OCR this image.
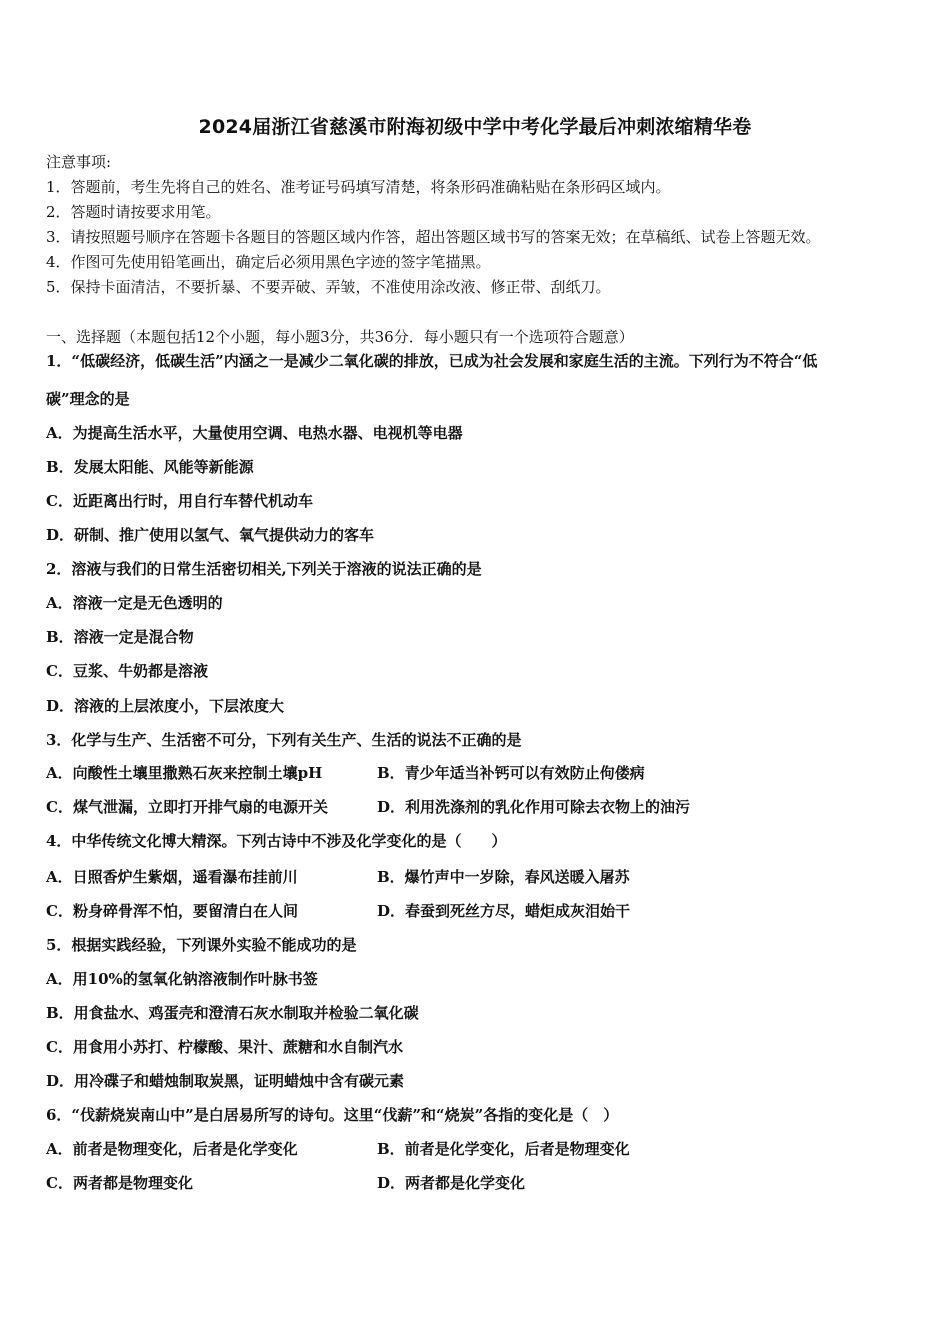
2024届浙江省慈溪市附海初级中学中考化学最后冲刺浓缩精华卷
注意事项:
1．答题前，考生先将自己的姓名、准考证号码填写清楚，将条形码准确粘贴在条形码区域内。
2．答题时请按要求用笔。
3．请按照题号顺序在答题卡各题目的答题区域内作答，超出答题区域书写的答案无效；在草稿纸、试卷上答题无效。
4．作图可先使用铅笔画出，确定后必须用黑色字迹的签字笔描黑。
5．保持卡面清洁，不要折暴、不要弄破、弄皱，不准使用涂改液、修正带、刮纸刀。
一、选择题（本题包括12个小题，每小题3分，共36分．每小题只有一个选项符合题意）
1．“低碳经济，低碳生活”内涵之一是减少二氧化碳的排放，已成为社会发展和家庭生活的主流。下列行为不符合“低
碳”理念的是
A．为提高生活水平，大量使用空调、电热水器、电视机等电器
B．发展太阳能、风能等新能源
C．近距离出行时，用自行车替代机动车
D．研制、推广使用以氢气、氧气提供动力的客车
2．溶液与我们的日常生活密切相关,下列关于溶液的说法正确的是
A．溶液一定是无色透明的
B．溶液一定是混合物
C．豆浆、牛奶都是溶液
D．溶液的上层浓度小，下层浓度大
3．化学与生产、生活密不可分，下列有关生产、生活的说法不正确的是
A．向酸性土壤里撒熟石灰来控制土壤pH	B．青少年适当补钙可以有效防止佝偻病
C．煤气泄漏，立即打开排气扇的电源开关	D．利用洗涤剂的乳化作用可除去衣物上的油污
4．中华传统文化博大精深。下列古诗中不涉及化学变化的是（　　）
A．日照香炉生紫烟，遥看瀑布挂前川	B．爆竹声中一岁除，春风送暖入屠苏
C．粉身碎骨浑不怕，要留清白在人间	D．春蚕到死丝方尽，蜡炬成灰泪始干
5．根据实践经验，下列课外实验不能成功的是
A．用10%的氢氧化钠溶液制作叶脉书签
B．用食盐水、鸡蛋壳和澄清石灰水制取并检验二氧化碳
C．用食用小苏打、柠檬酸、果汁、蔗糖和水自制汽水
D．用冷碟子和蜡烛制取炭黑，证明蜡烛中含有碳元素
6．“伐薪烧炭南山中”是白居易所写的诗句。这里“伐薪”和“烧炭”各指的变化是（　）
A．前者是物理变化，后者是化学变化	B．前者是化学变化，后者是物理变化
C．两者都是物理变化	D．两者都是化学变化
